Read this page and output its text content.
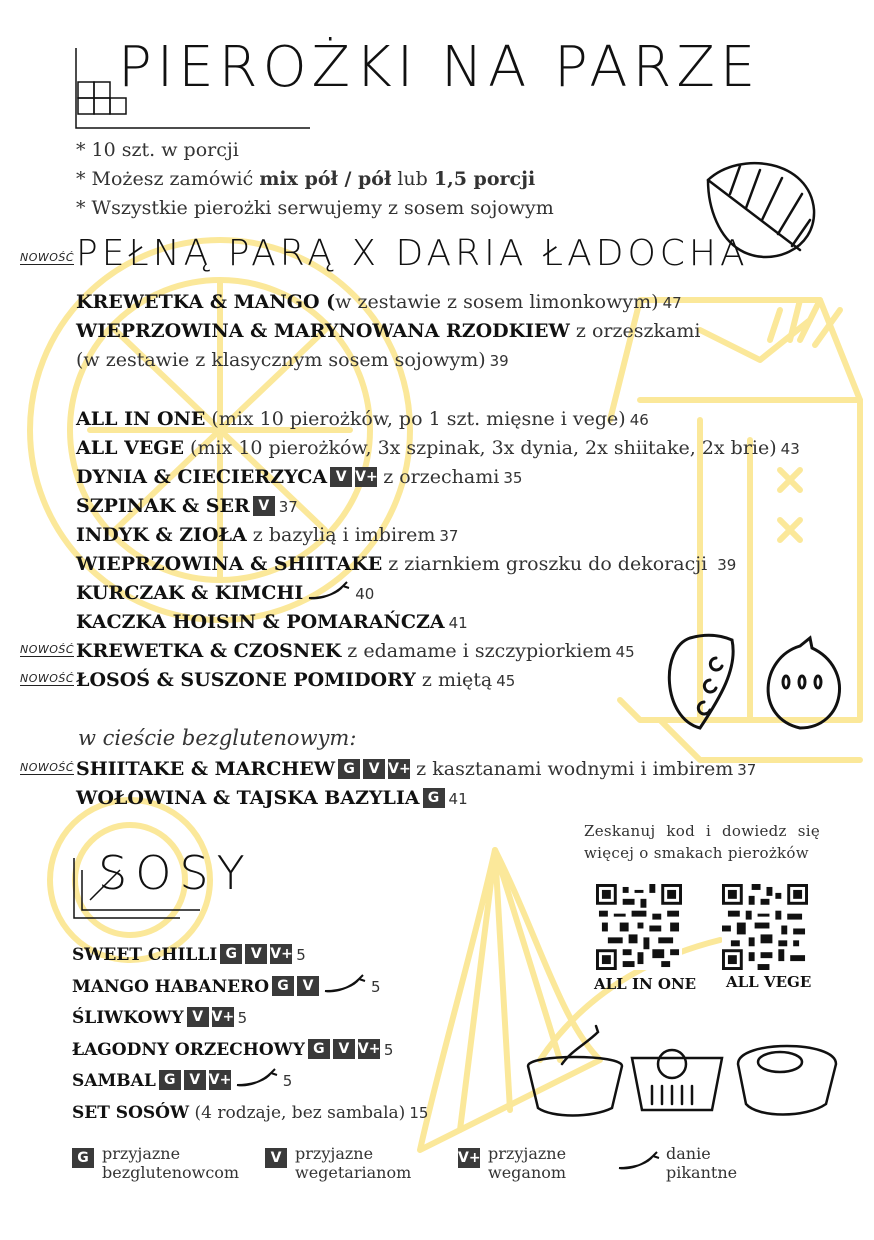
PIEROŻKI NA PARZE
* 10 szt. w porcji
* Możesz zamówić mix pół / pół lub 1,5 porcji
* Wszystkie pierożki serwujemy z sosem sojowym
NOWOŚĆ PEŁNĄ PARĄ X DARIA ŁADOCHA
KREWETKA & MANGO (w zestawie z sosem limonkowym) 47
WIEPRZOWINA & MARYNOWANA RZODKIEW z orzeszkami
(w zestawie z klasycznym sosem sojowym) 39
ALL IN ONE (mix 10 pierożków, po 1 szt. mięsne i vege) 46
ALL VEGE (mix 10 pierożków, 3x szpinak, 3x dynia, 2x shiitake, 2x brie) 43
DYNIA & CIECIERZYCA V V+ z orzechami 35
SZPINAK & SER V 37
INDYK & ZIOŁA z bazylią i imbirem 37
WIEPRZOWINA & SHIITAKE z ziarnkiem groszku do dekoracji 39
KURCZAK & KIMCHI	40
KACZKA HOISIN & POMARAŃCZA 41
KREWETKA & CZOSNEK z edamame i szczypiorkiem 45
ŁOSOŚ & SUSZONE POMIDORY z miętą 45
NOWOŚĆ
NOWOŚĆ
w cieście bezglutenowym:
NOWOŚĆ SHIITAKE & MARCHEW G V V+ z kasztanami wodnymi i imbirem 37
WOŁOWINA & TAJSKA BAZYLIA G 41
SOSY
SWEET CHILLI G V V+ 5
MANGO HABANERO G V	5
ŚLIWKOWY V V+ 5
ŁAGODNY ORZECHOWY G V V+ 5
SAMBAL G V V+	5
SET SOSÓW (4 rodzaje, bez sambala) 15
Zeskanuj kod i dowiedz się więcej o smakach pierożków
ALL IN ONE ALL VEGE
G przyjazne
bezglutenowcom
V przyjazne
wegetarianom
V+ przyjazne
weganom
danie
pikantne
